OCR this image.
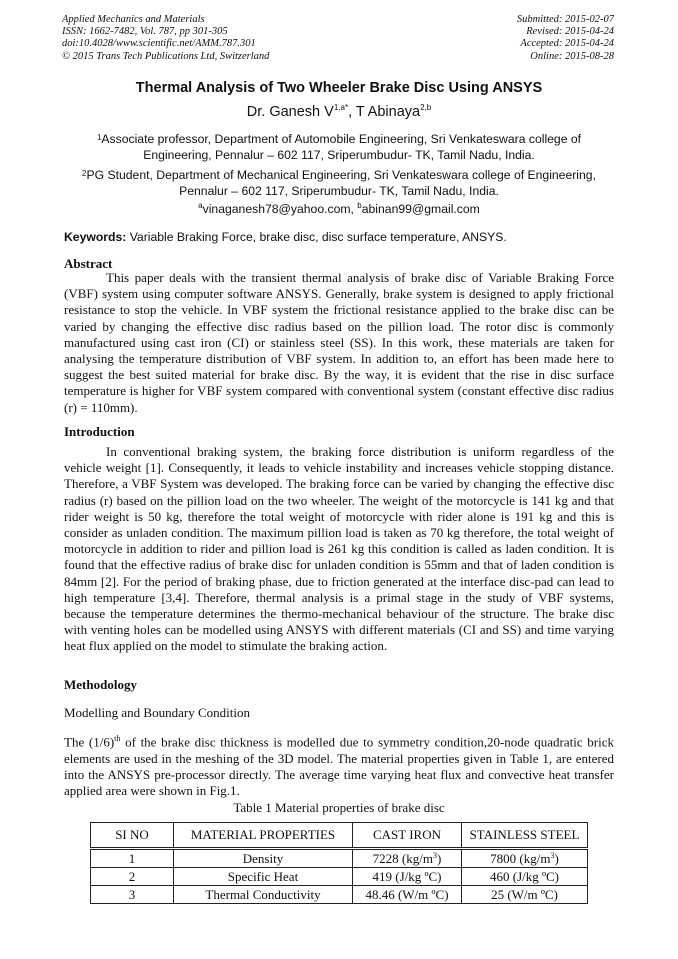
Applied Mechanics and Materials
ISSN: 1662-7482, Vol. 787, pp 301-305
doi:10.4028/www.scientific.net/AMM.787.301
© 2015 Trans Tech Publications Ltd, Switzerland
Submitted: 2015-02-07
Revised: 2015-04-24
Accepted: 2015-04-24
Online: 2015-08-28
Thermal Analysis of Two Wheeler Brake Disc Using ANSYS
Dr. Ganesh $V^{1,a*}$, T Abinaya$^{2,b}$
$^1$Associate professor, Department of Automobile Engineering, Sri Venkateswara college of Engineering, Pennalur – 602 117, Sriperumbudur- TK, Tamil Nadu, India.
$^2$PG Student, Department of Mechanical Engineering, Sri Venkateswara college of Engineering, Pennalur – 602 117, Sriperumbudur- TK, Tamil Nadu, India.
$^a$vinaganesh78@yahoo.com, $^b$abinan99@gmail.com
Keywords: Variable Braking Force, brake disc, disc surface temperature, ANSYS.
Abstract

This paper deals with the transient thermal analysis of brake disc of Variable Braking Force (VBF) system using computer software ANSYS. Generally, brake system is designed to apply frictional resistance to stop the vehicle. In VBF system the frictional resistance applied to the brake disc can be varied by changing the effective disc radius based on the pillion load. The rotor disc is commonly manufactured using cast iron (CI) or stainless steel (SS). In this work, these materials are taken for analysing the temperature distribution of VBF system. In addition to, an effort has been made here to suggest the best suited material for brake disc. By the way, it is evident that the rise in disc surface temperature is higher for VBF system compared with conventional system (constant effective disc radius (r) = 110mm).

Introduction

In conventional braking system, the braking force distribution is uniform regardless of the vehicle weight [1]. Consequently, it leads to vehicle instability and increases vehicle stopping distance. Therefore, a VBF System was developed. The braking force can be varied by changing the effective disc radius (r) based on the pillion load on the two wheeler. The weight of the motorcycle is 141 kg and that rider weight is 50 kg, therefore the total weight of motorcycle with rider alone is 191 kg and this is consider as unladen condition. The maximum pillion load is taken as 70 kg therefore, the total weight of motorcycle in addition to rider and pillion load is 261 kg this condition is called as laden condition. It is found that the effective radius of brake disc for unladen condition is 55mm and that of laden condition is 84mm [2]. For the period of braking phase, due to friction generated at the interface disc-pad can lead to high temperature [3,4]. Therefore, thermal analysis is a primal stage in the study of VBF systems, because the temperature determines the thermo-mechanical behaviour of the structure. The brake disc with venting holes can be modelled using ANSYS with different materials (CI and SS) and time varying heat flux applied on the model to stimulate the braking action.

Methodology
Modelling and Boundary Condition

The $(1/6)^{th}$ of the brake disc thickness is modelled due to symmetry condition,20-node quadratic brick elements are used in the meshing of the 3D model. The material properties given in Table 1, are entered into the ANSYS pre-processor directly. The average time varying heat flux and convective heat transfer applied area were shown in Fig.1.

Table 1 Material properties of brake disc
SI NO	MATERIAL PROPERTIES	CAST IRON	STAINLESS STEEL
1	Density	7228 $(kg/m^3)$	7800 $(kg/m^3)$
2	Specific Heat	419 (J/kg ºC)	460 (J/kg ºC)
3	Thermal Conductivity	48.46 (W/m ºC)	25 (W/m ºC)
